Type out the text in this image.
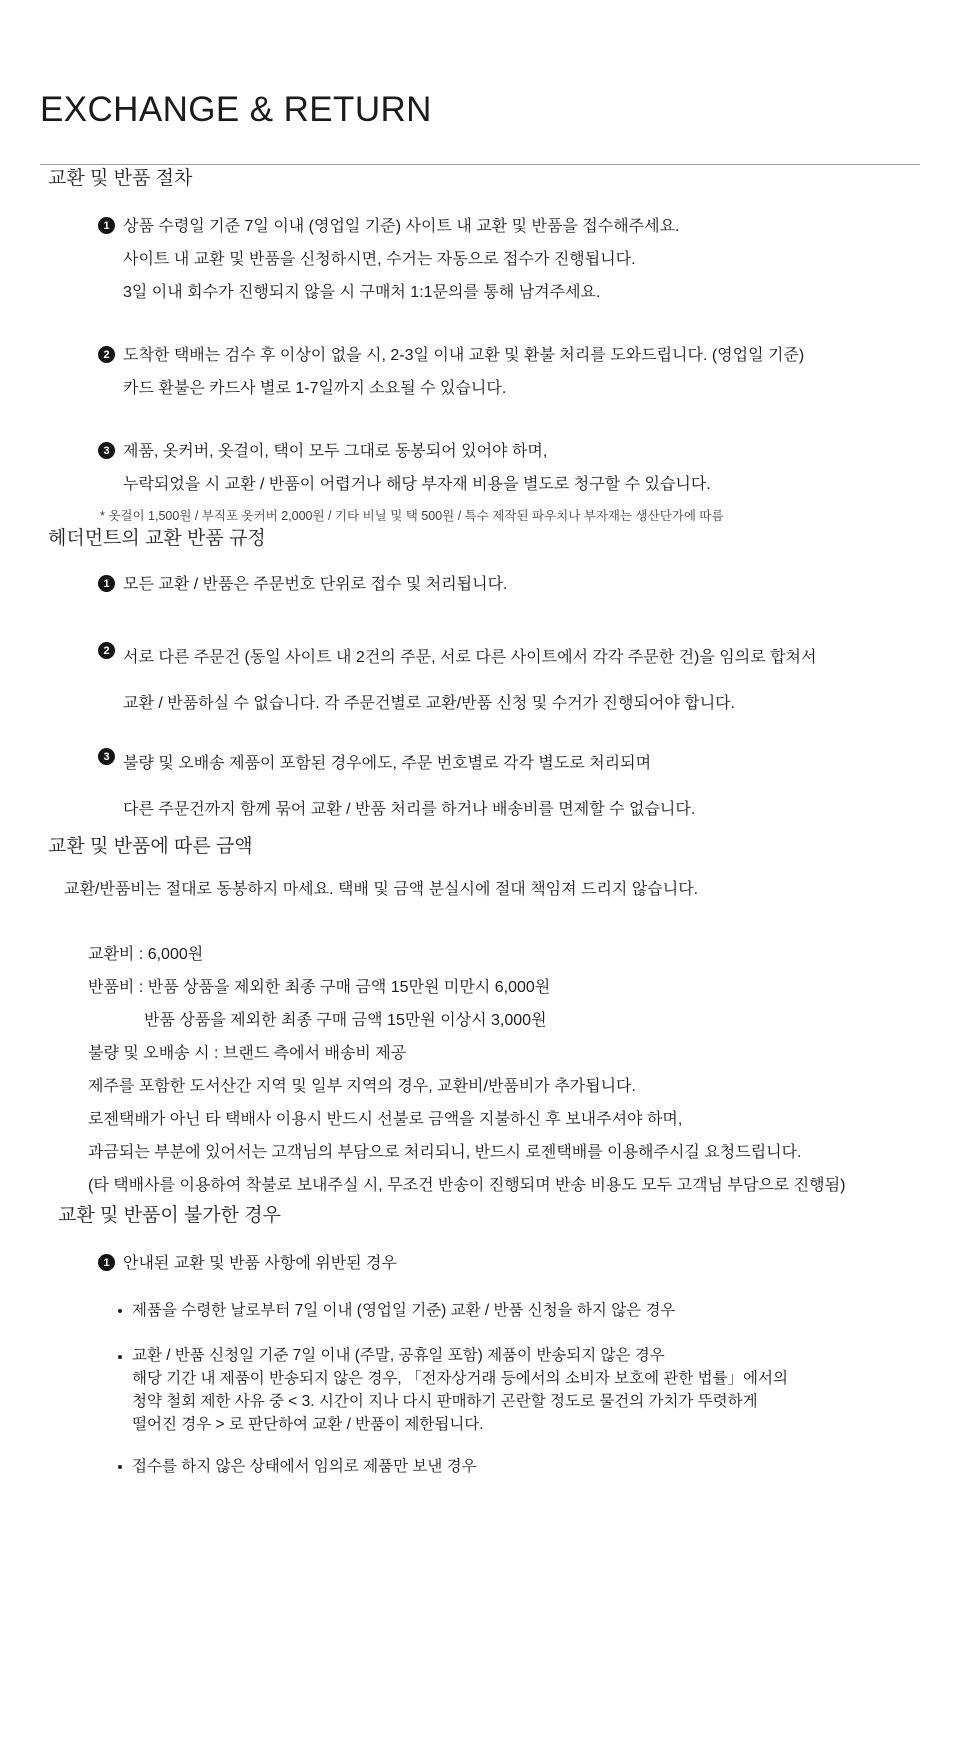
EXCHANGE & RETURN
교환 및 반품 절차
1 상품 수령일 기준 7일 이내 (영업일 기준) 사이트 내 교환 및 반품을 접수해주세요.
사이트 내 교환 및 반품을 신청하시면, 수거는 자동으로 접수가 진행됩니다.
3일 이내 회수가 진행되지 않을 시 구매처 1:1문의를 통해 남겨주세요.
2 도착한 택배는 검수 후 이상이 없을 시, 2-3일 이내 교환 및 환불 처리를 도와드립니다. (영업일 기준)
카드 환불은 카드사 별로 1-7일까지 소요될 수 있습니다.
3 제품, 옷커버, 옷걸이, 택이 모두 그대로 동봉되어 있어야 하며,
누락되었을 시 교환 / 반품이 어렵거나 해당 부자재 비용을 별도로 청구할 수 있습니다.

* 옷걸이 1,500원 / 부직포 옷커버 2,000원 / 기타 비닐 및 택 500원 / 특수 제작된 파우치나 부자재는 생산단가에 따름

헤더먼트의 교환 반품 규정
1 모든 교환 / 반품은 주문번호 단위로 접수 및 처리됩니다.
2 서로 다른 주문건 (동일 사이트 내 2건의 주문, 서로 다른 사이트에서 각각 주문한 건)을 임의로 합쳐서
교환 / 반품하실 수 없습니다. 각 주문건별로 교환/반품 신청 및 수거가 진행되어야 합니다.
3 불량 및 오배송 제품이 포함된 경우에도, 주문 번호별로 각각 별도로 처리되며
다른 주문건까지 함께 묶어 교환 / 반품 처리를 하거나 배송비를 면제할 수 없습니다.
교환 및 반품에 따른 금액

교환/반품비는 절대로 동봉하지 마세요. 택배 및 금액 분실시에 절대 책임져 드리지 않습니다.

교환비 : 6,000원
반품비 : 반품 상품을 제외한 최종 구매 금액 15만원 미만시 6,000원
반품 상품을 제외한 최종 구매 금액 15만원 이상시 3,000원
불량 및 오배송 시 : 브랜드 측에서 배송비 제공
제주를 포함한 도서산간 지역 및 일부 지역의 경우, 교환비/반품비가 추가됩니다.
로젠택배가 아닌 타 택배사 이용시 반드시 선불로 금액을 지불하신 후 보내주셔야 하며,
과금되는 부분에 있어서는 고객님의 부담으로 처리되니, 반드시 로젠택배를 이용해주시길 요청드립니다.
(타 택배사를 이용하여 착불로 보내주실 시, 무조건 반송이 진행되며 반송 비용도 모두 고객님 부담으로 진행됨)
교환 및 반품이 불가한 경우
1 안내된 교환 및 반품 사항에 위반된 경우
제품을 수령한 날로부터 7일 이내 (영업일 기준) 교환 / 반품 신청을 하지 않은 경우
교환 / 반품 신청일 기준 7일 이내 (주말, 공휴일 포함) 제품이 반송되지 않은 경우
해당 기간 내 제품이 반송되지 않은 경우, 「전자상거래 등에서의 소비자 보호에 관한 법률」에서의
청약 철회 제한 사유 중 < 3. 시간이 지나 다시 판매하기 곤란할 정도로 물건의 가치가 뚜렷하게
떨어진 경우 > 로 판단하여 교환 / 반품이 제한됩니다.
접수를 하지 않은 상태에서 임의로 제품만 보낸 경우
